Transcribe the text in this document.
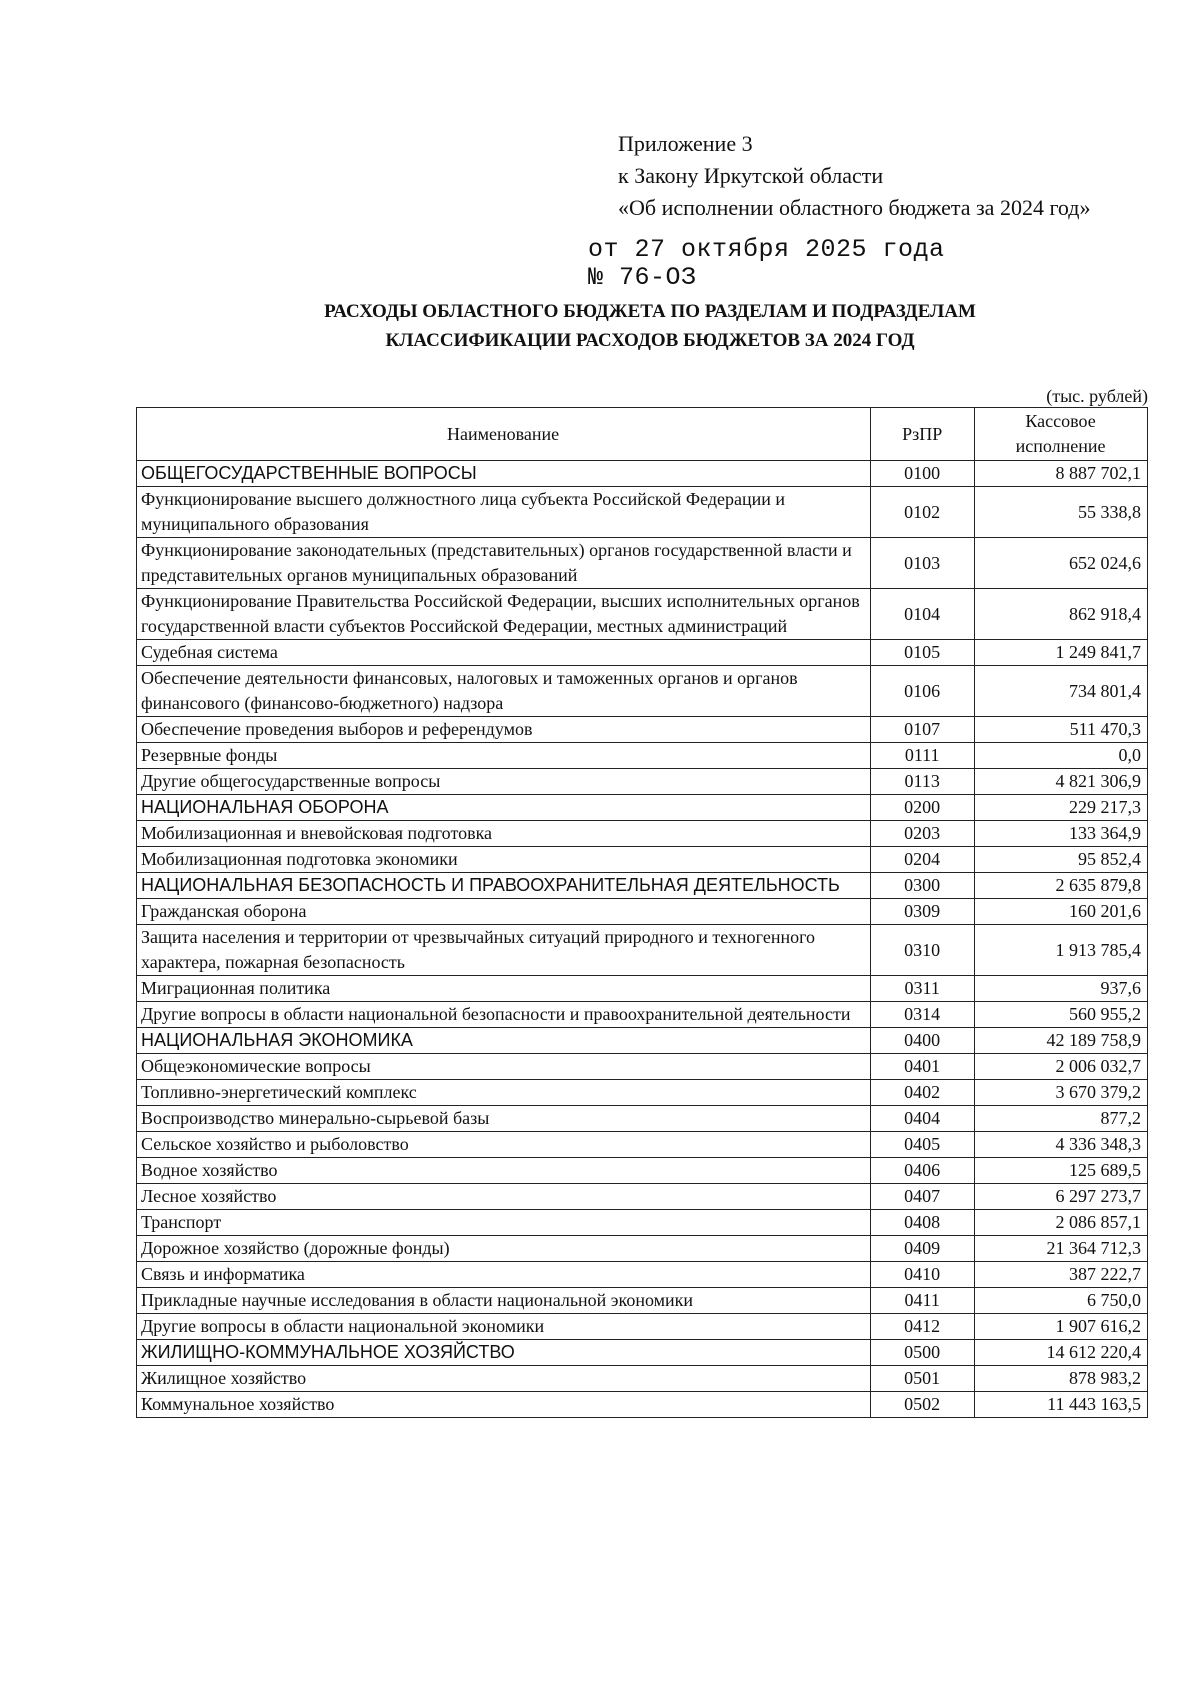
Приложение 3
к Закону Иркутской области
«Об исполнении областного бюджета за 2024 год»
от 27 октября 2025 года
№ 76-ОЗ
РАСХОДЫ ОБЛАСТНОГО БЮДЖЕТА ПО РАЗДЕЛАМ И ПОДРАЗДЕЛАМ
КЛАССИФИКАЦИИ РАСХОДОВ БЮДЖЕТОВ ЗА 2024 ГОД
(тыс. рублей)
Наименование	РзПР	Кассовое исполнение
ОБЩЕГОСУДАРСТВЕННЫЕ ВОПРОСЫ	0100	8 887 702,1
Функционирование высшего должностного лица субъекта Российской Федерации и муниципального образования	0102	55 338,8
Функционирование законодательных (представительных) органов государственной власти и представительных органов муниципальных образований	0103	652 024,6
Функционирование Правительства Российской Федерации, высших исполнительных органов государственной власти субъектов Российской Федерации, местных администраций	0104	862 918,4
Судебная система	0105	1 249 841,7
Обеспечение деятельности финансовых, налоговых и таможенных органов и органов финансового (финансово-бюджетного) надзора	0106	734 801,4
Обеспечение проведения выборов и референдумов	0107	511 470,3
Резервные фонды	0111	0,0
Другие общегосударственные вопросы	0113	4 821 306,9
НАЦИОНАЛЬНАЯ ОБОРОНА	0200	229 217,3
Мобилизационная и вневойсковая подготовка	0203	133 364,9
Мобилизационная подготовка экономики	0204	95 852,4
НАЦИОНАЛЬНАЯ БЕЗОПАСНОСТЬ И ПРАВООХРАНИТЕЛЬНАЯ ДЕЯТЕЛЬНОСТЬ	0300	2 635 879,8
Гражданская оборона	0309	160 201,6
Защита населения и территории от чрезвычайных ситуаций природного и техногенного характера, пожарная безопасность	0310	1 913 785,4
Миграционная политика	0311	937,6
Другие вопросы в области национальной безопасности и правоохранительной деятельности	0314	560 955,2
НАЦИОНАЛЬНАЯ ЭКОНОМИКА	0400	42 189 758,9
Общеэкономические вопросы	0401	2 006 032,7
Топливно-энергетический комплекс	0402	3 670 379,2
Воспроизводство минерально-сырьевой базы	0404	877,2
Сельское хозяйство и рыболовство	0405	4 336 348,3
Водное хозяйство	0406	125 689,5
Лесное хозяйство	0407	6 297 273,7
Транспорт	0408	2 086 857,1
Дорожное хозяйство (дорожные фонды)	0409	21 364 712,3
Связь и информатика	0410	387 222,7
Прикладные научные исследования в области национальной экономики	0411	6 750,0
Другие вопросы в области национальной экономики	0412	1 907 616,2
ЖИЛИЩНО-КОММУНАЛЬНОЕ ХОЗЯЙСТВО	0500	14 612 220,4
Жилищное хозяйство	0501	878 983,2
Коммунальное хозяйство	0502	11 443 163,5
